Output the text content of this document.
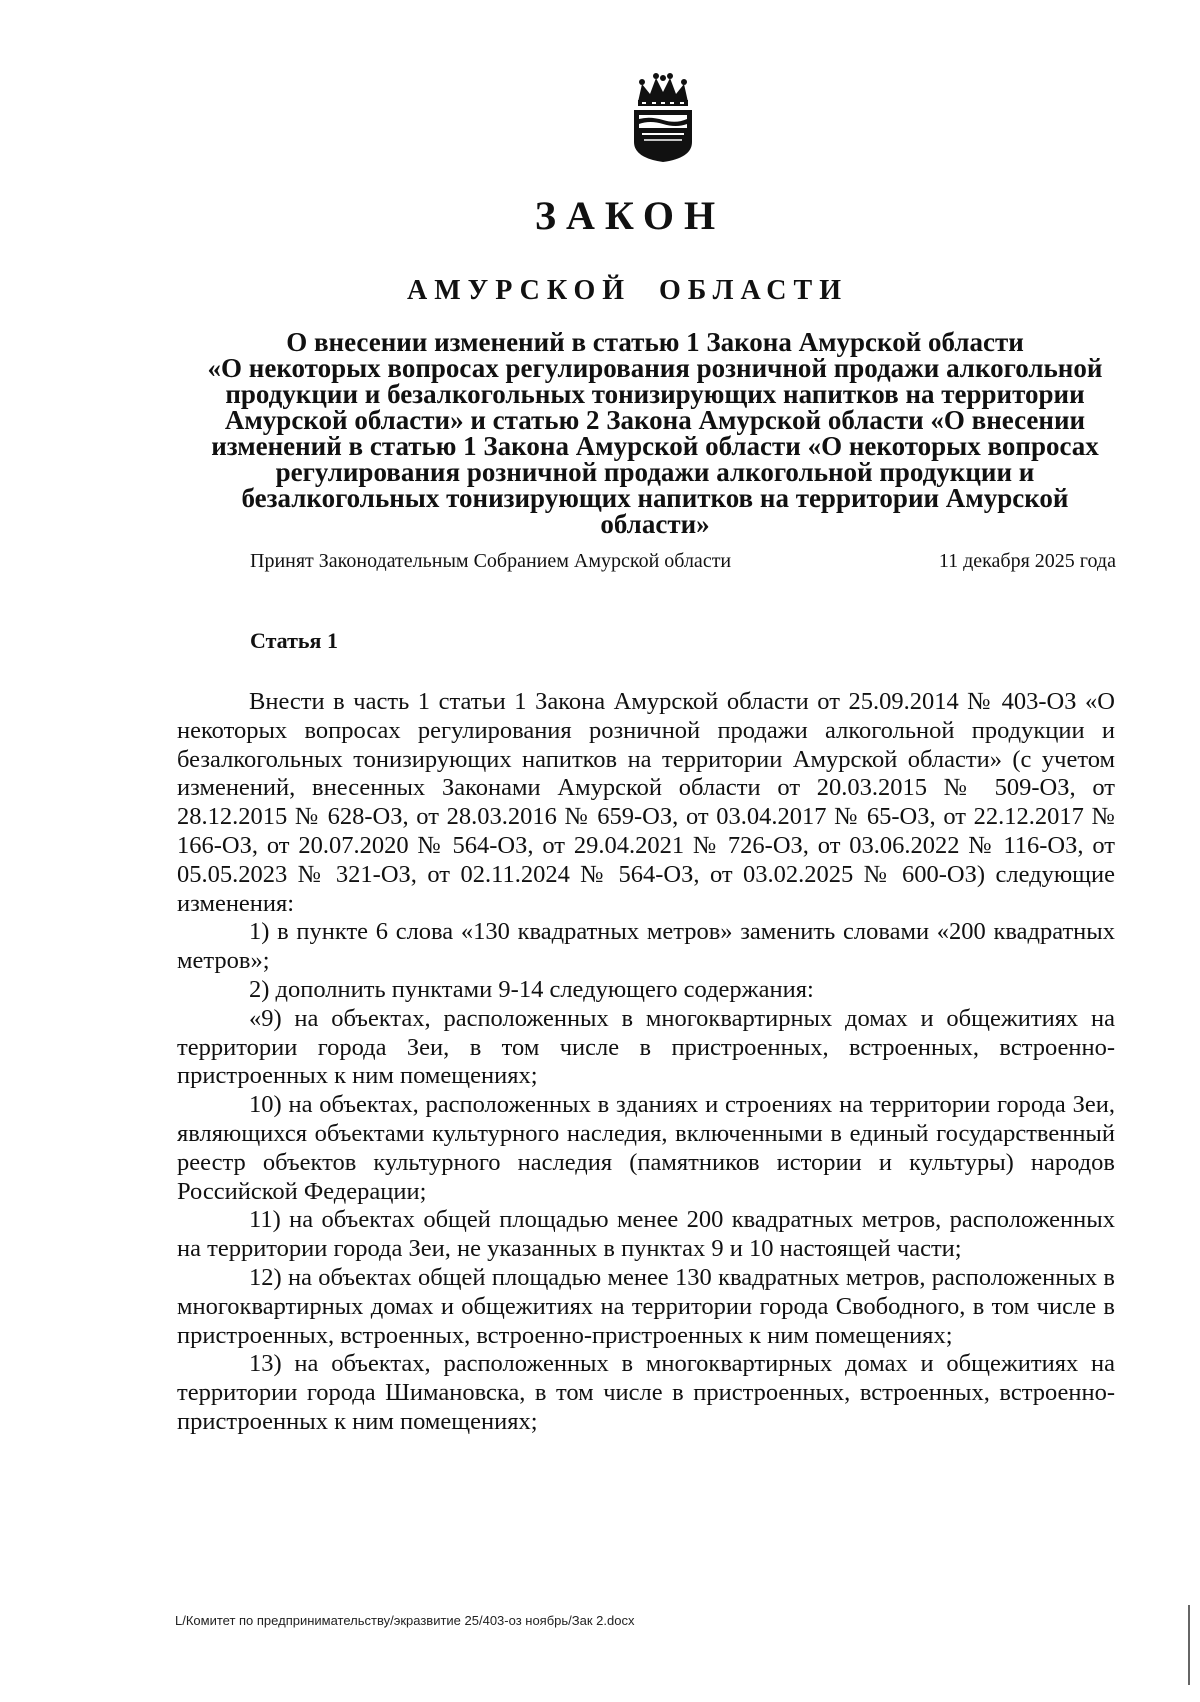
ЗАКОН
АМУРСКОЙ ОБЛАСТИ
О внесении изменений в статью 1 Закона Амурской области
«О некоторых вопросах регулирования розничной продажи алкогольной
продукции и безалкогольных тонизирующих напитков на территории
Амурской области» и статью 2 Закона Амурской области «О внесении
изменений в статью 1 Закона Амурской области «О некоторых вопросах
регулирования розничной продажи алкогольной продукции и
безалкогольных тонизирующих напитков на территории Амурской
области»
Принят Законодательным Собранием Амурской области	11 декабря 2025 года
Статья 1

Внести в часть 1 статьи 1 Закона Амурской области от 25.09.2014 № 403-ОЗ «О некоторых вопросах регулирования розничной продажи алкогольной продукции и безалкогольных тонизирующих напитков на территории Амурской области» (с учетом изменений, внесенных Законами Амурской области от 20.03.2015 № 509-ОЗ, от 28.12.2015 № 628-ОЗ, от 28.03.2016 № 659-ОЗ, от 03.04.2017 № 65-ОЗ, от 22.12.2017 № 166-ОЗ, от 20.07.2020 № 564-ОЗ, от 29.04.2021 № 726-ОЗ, от 03.06.2022 № 116-ОЗ, от 05.05.2023 № 321-ОЗ, от 02.11.2024 № 564-ОЗ, от 03.02.2025 № 600-ОЗ) следующие изменения:

1) в пункте 6 слова «130 квадратных метров» заменить словами «200 квадратных метров»;

2) дополнить пунктами 9-14 следующего содержания:

«9) на объектах, расположенных в многоквартирных домах и общежитиях на территории города Зеи, в том числе в пристроенных, встроенных, встроенно-пристроенных к ним помещениях;

10) на объектах, расположенных в зданиях и строениях на территории города Зеи, являющихся объектами культурного наследия, включенными в единый государственный реестр объектов культурного наследия (памятников истории и культуры) народов Российской Федерации;

11) на объектах общей площадью менее 200 квадратных метров, расположенных на территории города Зеи, не указанных в пунктах 9 и 10 настоящей части;

12) на объектах общей площадью менее 130 квадратных метров, расположенных в многоквартирных домах и общежитиях на территории города Свободного, в том числе в пристроенных, встроенных, встроенно-пристроенных к ним помещениях;

13) на объектах, расположенных в многоквартирных домах и общежитиях на территории города Шимановска, в том числе в пристроенных, встроенных, встроенно-пристроенных к ним помещениях;

L/Комитет по предпринимательству/экразвитие 25/403-оз ноябрь/Зак 2.docx
